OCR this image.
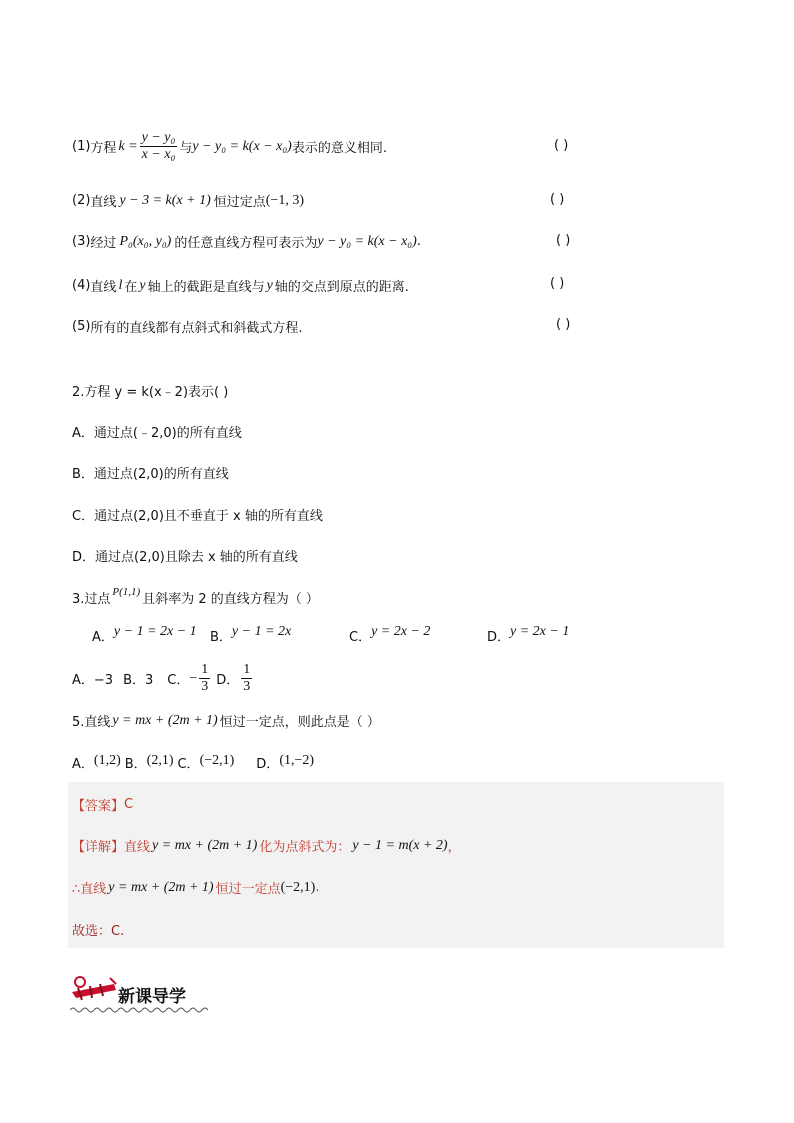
(1) 方程 $k = \frac{\text{y − y₀}}{\text{x − x₀}}$ 与 y − y₀ = k(x − x₀) 表示的意义相同.	( )
(2) 直线 y − 3 = k(x + 1) 恒过定点 (−1, 3)	( )
(3) 经过 P₀(x₀, y₀) 的任意直线方程可表示为 y − y₀ = k(x − x₀) .	( )
(4) 直线 l 在 y 轴上的截距是直线与 y 轴的交点到原点的距离.	( )
(5) 所有的直线都有点斜式和斜截式方程.	( )
2.方程 y = k(x﹣2)表示( )
A．通过点(﹣2,0)的所有直线
B．通过点(2,0)的所有直线
C．通过点(2,0)且不垂直于 x 轴的所有直线
D．通过点(2,0)且除去 x 轴的所有直线
3.过点
P(1,1)
且斜率为 2 的直线方程为（ ）
A． y − 1 = 2x − 1 B． y − 1 = 2x	C． y = 2x − 2	D． y = 2x − 1
A．−3 B．3 C． − $\frac{1}{3}$ D． $\frac{1}{3}$
5.直线 y = mx + (2m + 1) 恒过一定点，则此点是（ ）
A． (1,2) B． (2,1) C． (−2,1) D． (1,−2)
【答案】 C
【详解】 直线 y = mx + (2m + 1) 化为点斜式为： y − 1 = m(x + 2) ，
∴直线 y = mx + (2m + 1) 恒过一定点 (−2,1) .
故选：C.
新课导学
